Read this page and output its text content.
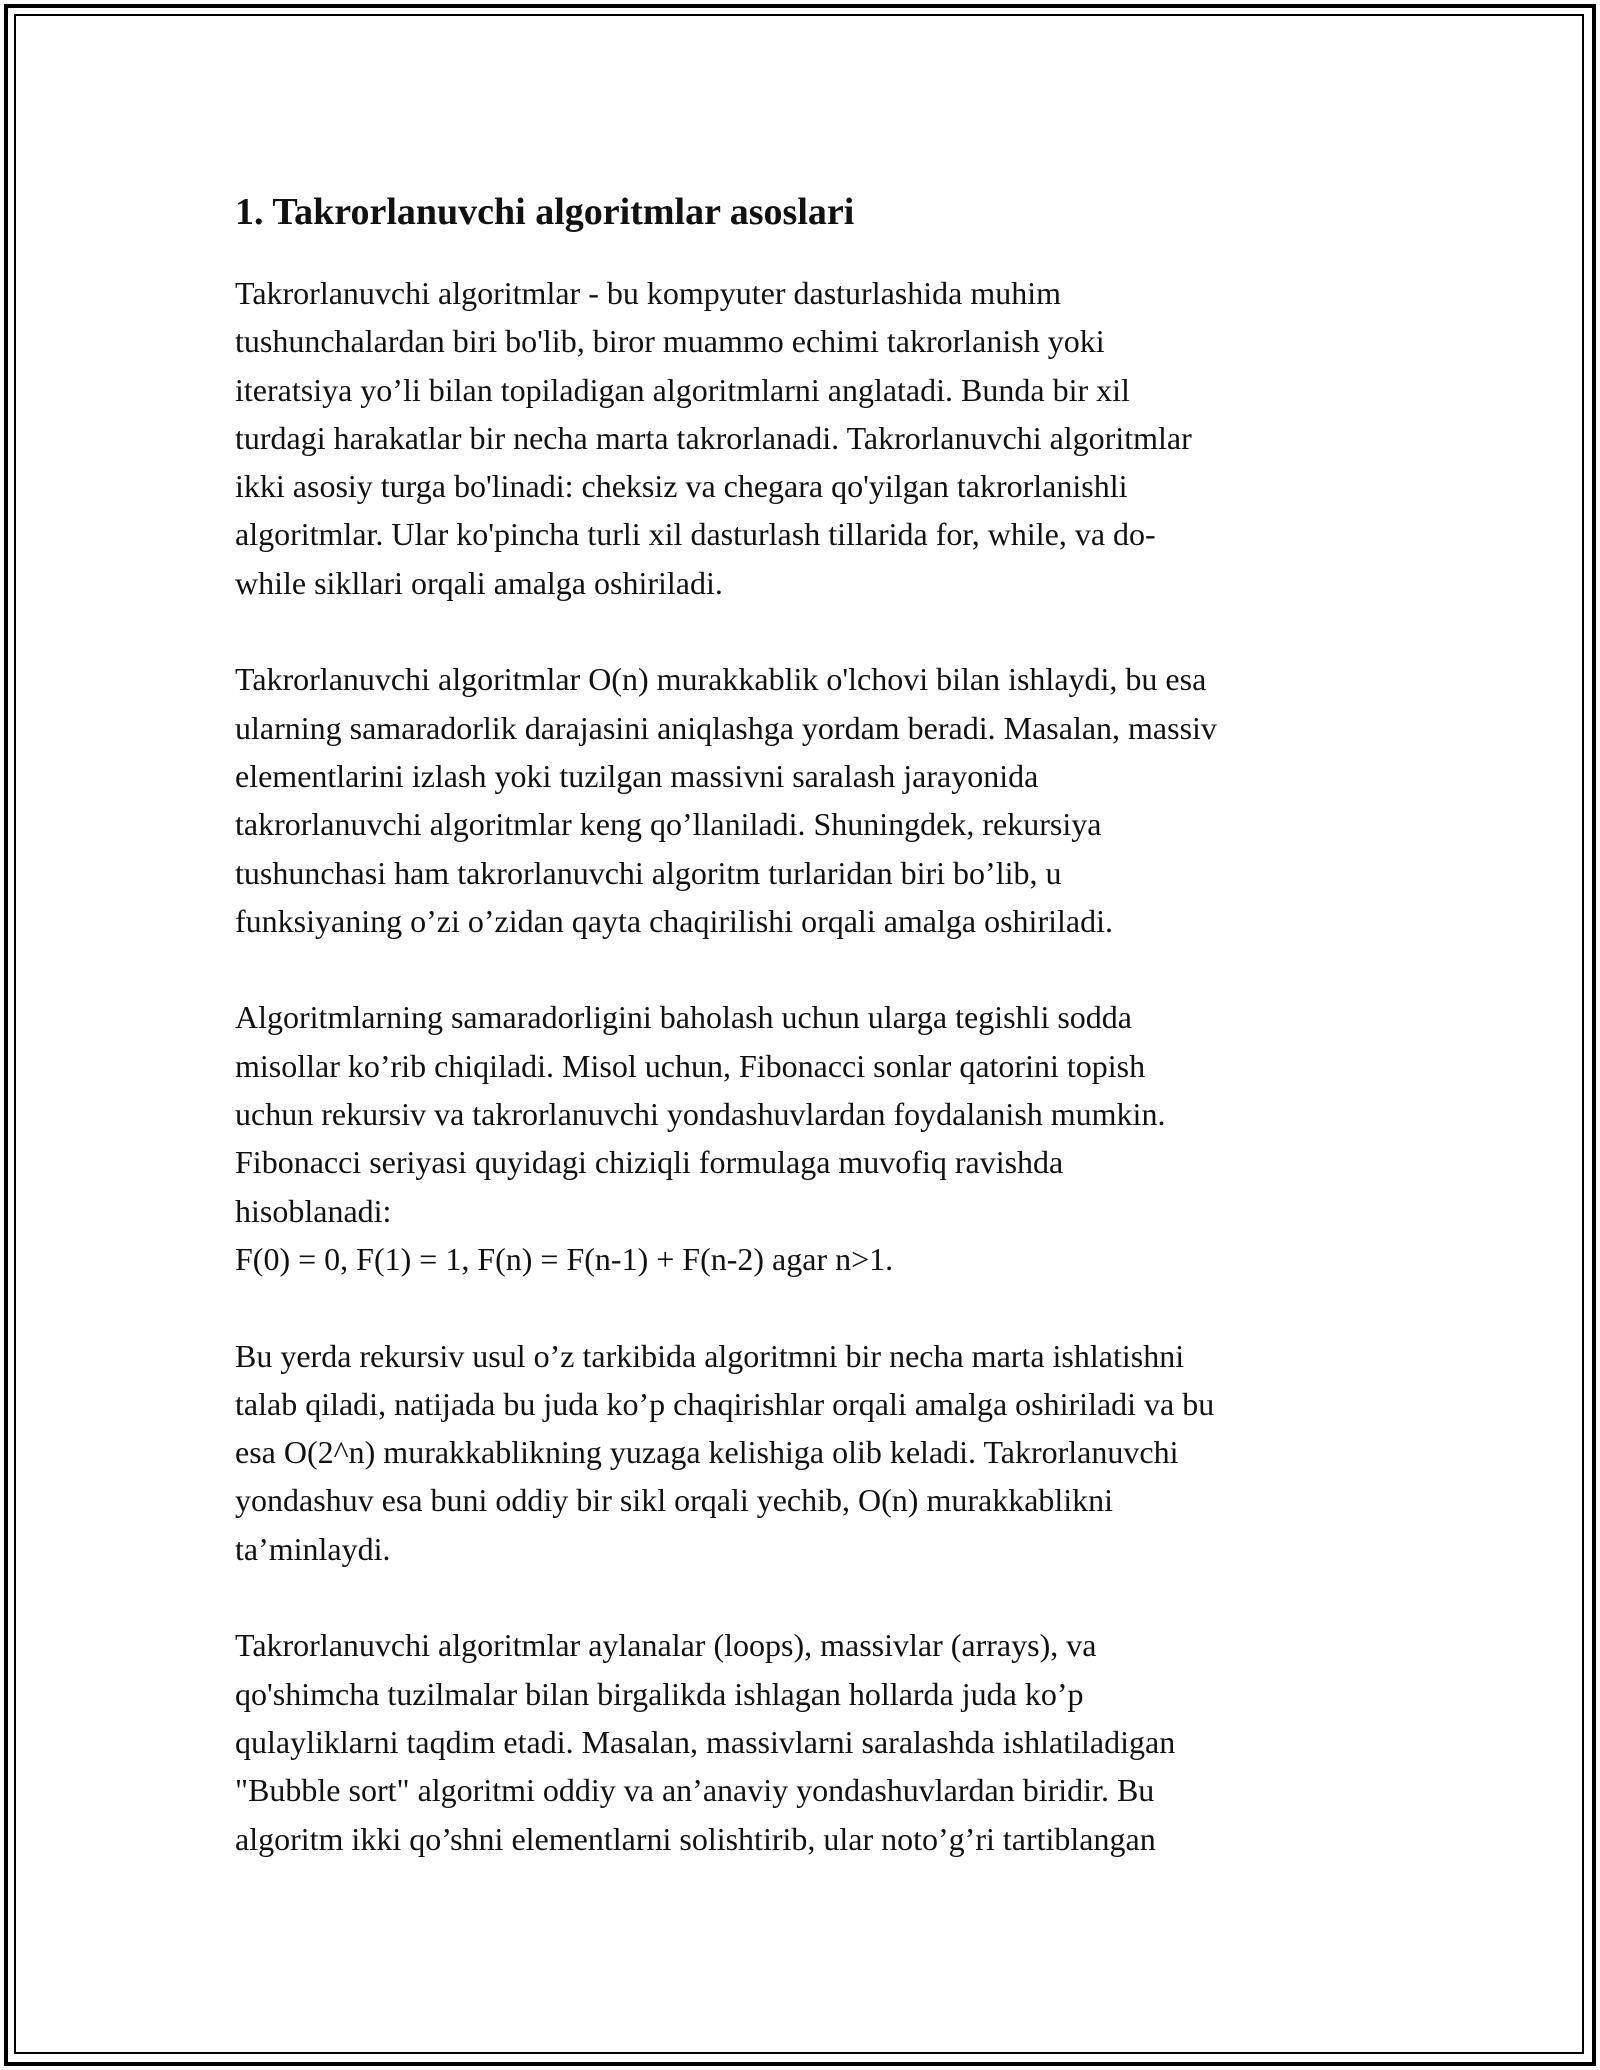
1. Takrorlanuvchi algoritmlar asoslari

Takrorlanuvchi algoritmlar - bu kompyuter dasturlashida muhim
tushunchalardan biri bo'lib, biror muammo echimi takrorlanish yoki
iteratsiya yo’li bilan topiladigan algoritmlarni anglatadi. Bunda bir xil
turdagi harakatlar bir necha marta takrorlanadi. Takrorlanuvchi algoritmlar
ikki asosiy turga bo'linadi: cheksiz va chegara qo'yilgan takrorlanishli
algoritmlar. Ular ko'pincha turli xil dasturlash tillarida for, while, va do-
while sikllari orqali amalga oshiriladi.

Takrorlanuvchi algoritmlar O(n) murakkablik o'lchovi bilan ishlaydi, bu esa
ularning samaradorlik darajasini aniqlashga yordam beradi. Masalan, massiv
elementlarini izlash yoki tuzilgan massivni saralash jarayonida
takrorlanuvchi algoritmlar keng qo’llaniladi. Shuningdek, rekursiya
tushunchasi ham takrorlanuvchi algoritm turlaridan biri bo’lib, u
funksiyaning o’zi o’zidan qayta chaqirilishi orqali amalga oshiriladi.

Algoritmlarning samaradorligini baholash uchun ularga tegishli sodda
misollar ko’rib chiqiladi. Misol uchun, Fibonacci sonlar qatorini topish
uchun rekursiv va takrorlanuvchi yondashuvlardan foydalanish mumkin.
Fibonacci seriyasi quyidagi chiziqli formulaga muvofiq ravishda
hisoblanadi:
F(0) = 0, F(1) = 1, F(n) = F(n-1) + F(n-2) agar n>1.

Bu yerda rekursiv usul o’z tarkibida algoritmni bir necha marta ishlatishni
talab qiladi, natijada bu juda ko’p chaqirishlar orqali amalga oshiriladi va bu
esa O(2^n) murakkablikning yuzaga kelishiga olib keladi. Takrorlanuvchi
yondashuv esa buni oddiy bir sikl orqali yechib, O(n) murakkablikni
ta’minlaydi.

Takrorlanuvchi algoritmlar aylanalar (loops), massivlar (arrays), va
qo'shimcha tuzilmalar bilan birgalikda ishlagan hollarda juda ko’p
qulayliklarni taqdim etadi. Masalan, massivlarni saralashda ishlatiladigan
"Bubble sort" algoritmi oddiy va an’anaviy yondashuvlardan biridir. Bu
algoritm ikki qo’shni elementlarni solishtirib, ular noto’g’ri tartiblangan
